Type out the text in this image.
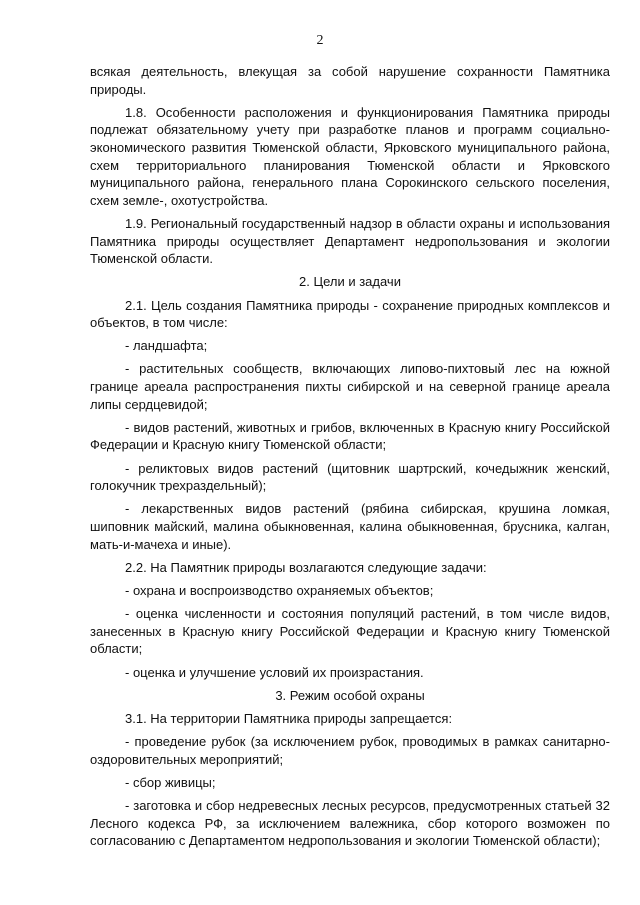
2

всякая деятельность, влекущая за собой нарушение сохранности Памятника природы.

1.8. Особенности расположения и функционирования Памятника природы подлежат обязательному учету при разработке планов и программ социально-экономического развития Тюменской области, Ярковского муниципального района, схем территориального планирования Тюменской области и Ярковского муниципального района, генерального плана Сорокинского сельского поселения, схем земле-, охотустройства.

1.9. Региональный государственный надзор в области охраны и использования Памятника природы осуществляет Департамент недропользования и экологии Тюменской области.

2. Цели и задачи

2.1. Цель создания Памятника природы - сохранение природных комплексов и объектов, в том числе:

- ландшафта;

- растительных сообществ, включающих липово-пихтовый лес на южной границе ареала распространения пихты сибирской и на северной границе ареала липы сердцевидой;

- видов растений, животных и грибов, включенных в Красную книгу Российской Федерации и Красную книгу Тюменской области;

- реликтовых видов растений (щитовник шартрский, кочедыжник женский, голокучник трехраздельный);

- лекарственных видов растений (рябина сибирская, крушина ломкая, шиповник майский, малина обыкновенная, калина обыкновенная, брусника, калган, мать-и-мачеха и иные).

2.2. На Памятник природы возлагаются следующие задачи:

- охрана и воспроизводство охраняемых объектов;

- оценка численности и состояния популяций растений, в том числе видов, занесенных в Красную книгу Российской Федерации и Красную книгу Тюменской области;

- оценка и улучшение условий их произрастания.

3. Режим особой охраны

3.1. На территории Памятника природы запрещается:

- проведение рубок (за исключением рубок, проводимых в рамках санитарно-оздоровительных мероприятий;

- сбор живицы;

- заготовка и сбор недревесных лесных ресурсов, предусмотренных статьей 32 Лесного кодекса РФ, за исключением валежника, сбор которого возможен по согласованию с Департаментом недропользования и экологии Тюменской области);
